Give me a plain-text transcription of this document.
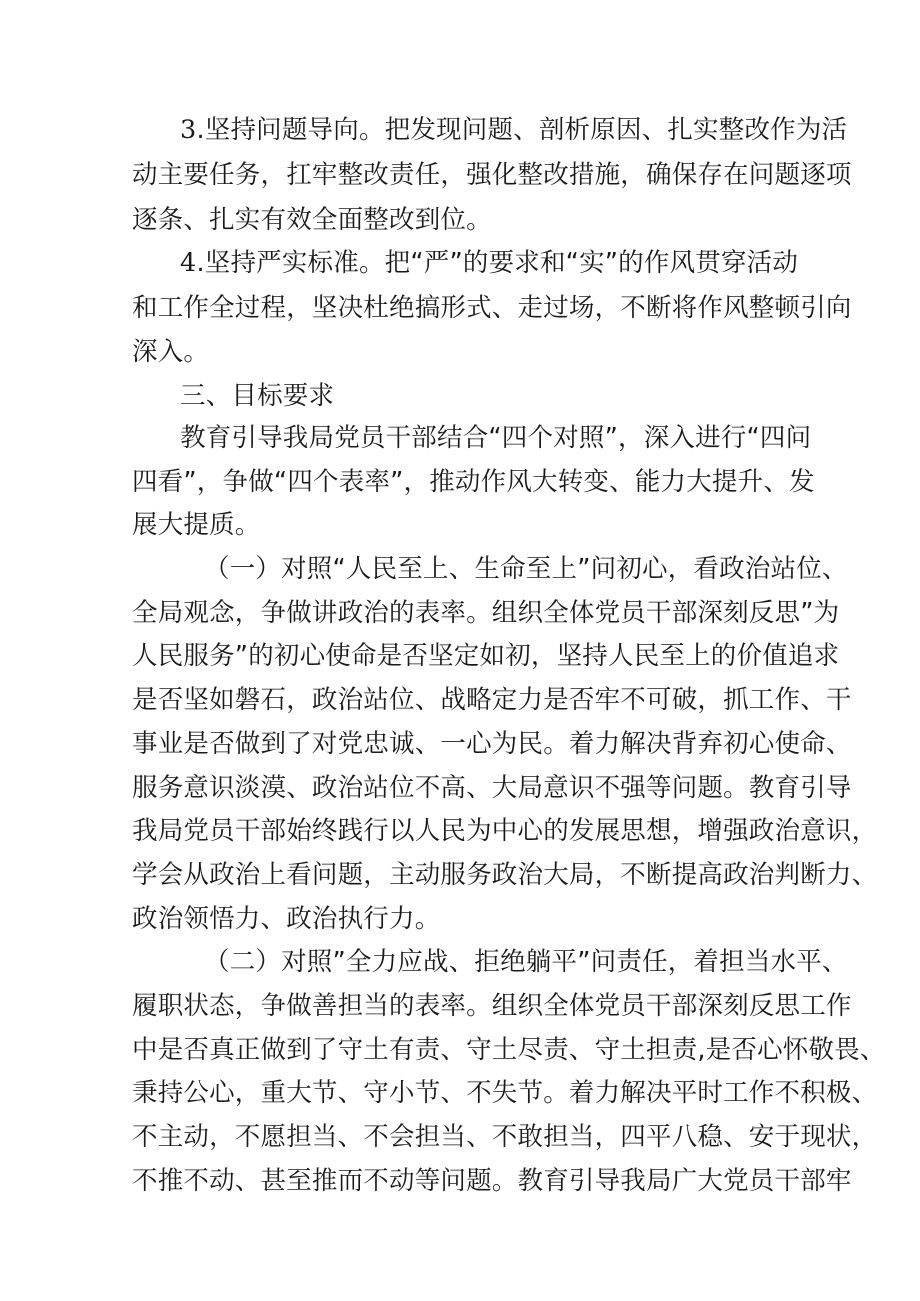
3.坚持问题导向。把发现问题、剖析原因、扎实整改作为活
动主要任务，扛牢整改责任，强化整改措施，确保存在问题逐项
逐条、扎实有效全面整改到位。
4.坚持严实标准。把“严”的要求和“实”的作风贯穿活动
和工作全过程，坚决杜绝搞形式、走过场，不断将作风整顿引向
深入。
三、目标要求
教育引导我局党员干部结合“四个对照”，深入进行“四问
四看”，争做“四个表率”，推动作风大转变、能力大提升、发
展大提质。
（一）对照“人民至上、生命至上”问初心，看政治站位、
全局观念，争做讲政治的表率。组织全体党员干部深刻反思”为
人民服务”的初心使命是否坚定如初，坚持人民至上的价值追求
是否坚如磐石，政治站位、战略定力是否牢不可破，抓工作、干
事业是否做到了对党忠诚、一心为民。着力解决背弃初心使命、
服务意识淡漠、政治站位不高、大局意识不强等问题。教育引导
我局党员干部始终践行以人民为中心的发展思想，增强政治意识，
学会从政治上看问题，主动服务政治大局，不断提高政治判断力、
政治领悟力、政治执行力。
（二）对照”全力应战、拒绝躺平”问责任，着担当水平、
履职状态，争做善担当的表率。组织全体党员干部深刻反思工作
中是否真正做到了守土有责、守土尽责、守土担责,是否心怀敬畏、
秉持公心，重大节、守小节、不失节。着力解决平时工作不积极、
不主动，不愿担当、不会担当、不敢担当，四平八稳、安于现状，
不推不动、甚至推而不动等问题。教育引导我局广大党员干部牢
